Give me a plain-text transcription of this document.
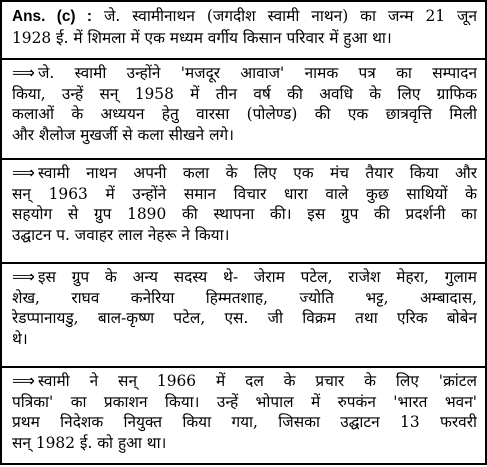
Ans. (c) : जे. स्वामीनाथन (जगदीश स्वामी नाथन) का जन्म 21 जून
1928 ई. में शिमला में एक मध्यम वर्गीय किसान परिवार में हुआ था।
⟹ जे. स्वामी उन्होंने 'मजदूर आवाज' नामक पत्र का सम्पादन
किया, उन्हें सन् 1958 में तीन वर्ष की अवधि के लिए ग्राफिक
कलाओं के अध्ययन हेतु वारसा (पोलेण्ड) की एक छात्रवृत्ति मिली
और शैलोज मुखर्जी से कला सीखने लगे।
⟹ स्वामी नाथन अपनी कला के लिए एक मंच तैयार किया और
सन् 1963 में उन्होंने समान विचार धारा वाले कुछ साथियों के
सहयोग से ग्रुप 1890 की स्थापना की। इस ग्रुप की प्रदर्शनी का
उद्घाटन प. जवाहर लाल नेहरू ने किया।
⟹ इस ग्रुप के अन्य सदस्य थे- जेराम पटेल, राजेश मेहरा, गुलाम
शेख, राघव कनेरिया हिम्मतशाह, ज्योति भट्ट, अम्बादास,
रेडप्पानायडु, बाल-कृष्ण पटेल, एस. जी विक्रम तथा एरिक बोबेन
थे।
⟹ स्वामी ने सन् 1966 में दल के प्रचार के लिए 'क्रांटल
पत्रिका' का प्रकाशन किया। उन्हें भोपाल में रुपकंन 'भारत भवन'
प्रथम निदेशक नियुक्त किया गया, जिसका उद्घाटन 13 फरवरी
सन् 1982 ई. को हुआ था।
